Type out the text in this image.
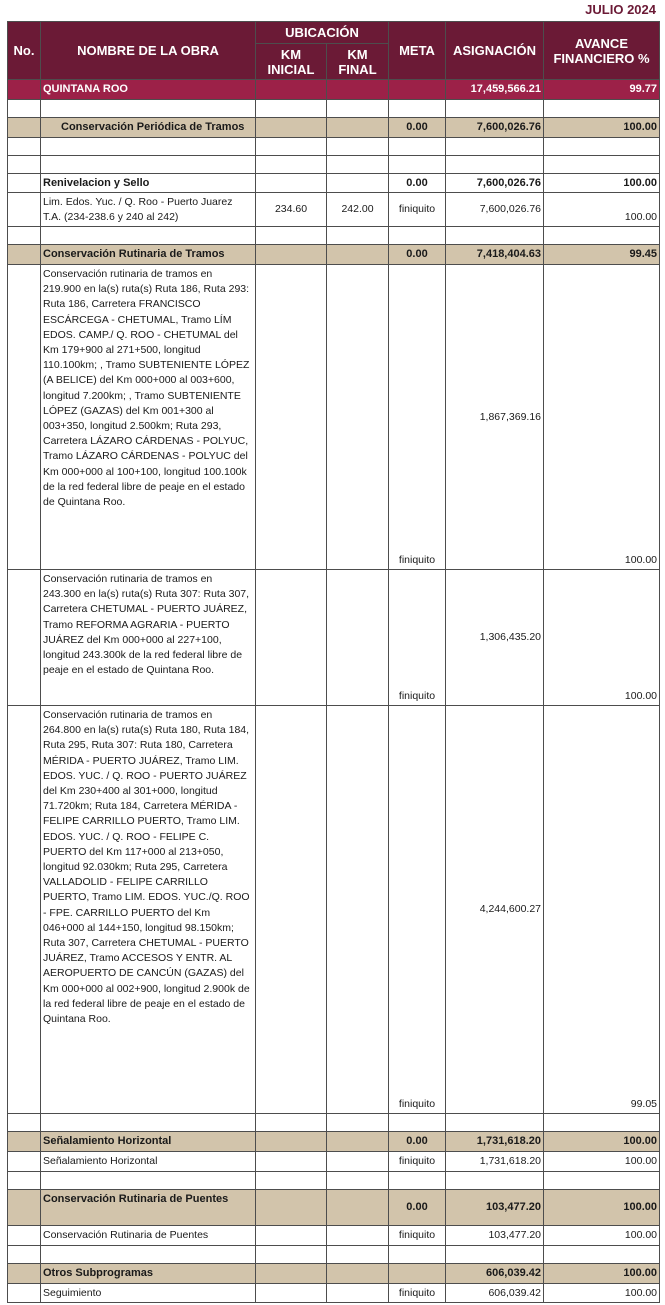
JULIO 2024
No.	NOMBRE DE LA OBRA	UBICACIÓN		META	ASIGNACIÓN	AVANCE FINANCIERO %
		KM INICIAL	KM FINAL			
	QUINTANA ROO				17,459,566.21	99.77

	Conservación Periódica de Tramos			0.00	7,600,026.76	100.00

	Renivelacion y Sello			0.00	7,600,026.76	100.00
	Lim. Edos. Yuc. / Q. Roo - Puerto Juarez T.A. (234-238.6 y 240 al 242)	234.60	242.00	finiquito	7,600,026.76	100.00

	Conservación Rutinaria de Tramos			0.00	7,418,404.63	99.45
	Conservación rutinaria de tramos en 219.900 en la(s) ruta(s) Ruta 186, Ruta 293: Ruta 186, Carretera FRANCISCO ESCÁRCEGA - CHETUMAL, Tramo LÍM EDOS. CAMP./ Q. ROO - CHETUMAL del Km 179+900 al 271+500, longitud 110.100km; , Tramo SUBTENIENTE LÓPEZ (A BELICE) del Km 000+000 al 003+600, longitud 7.200km; , Tramo SUBTENIENTE LÓPEZ (GAZAS) del Km 001+300 al 003+350, longitud 2.500km; Ruta 293, Carretera LÁZARO CÁRDENAS - POLYUC, Tramo LÁZARO CÁRDENAS - POLYUC del Km 000+000 al 100+100, longitud 100.100k de la red federal libre de peaje en el estado de Quintana Roo.			finiquito	1,867,369.16	100.00
	Conservación rutinaria de tramos en 243.300 en la(s) ruta(s) Ruta 307: Ruta 307, Carretera CHETUMAL - PUERTO JUÁREZ, Tramo REFORMA AGRARIA - PUERTO JUÁREZ del Km 000+000 al 227+100, longitud 243.300k de la red federal libre de peaje en el estado de Quintana Roo.			finiquito	1,306,435.20	100.00
	Conservación rutinaria de tramos en 264.800 en la(s) ruta(s) Ruta 180, Ruta 184, Ruta 295, Ruta 307: Ruta 180, Carretera MÉRIDA - PUERTO JUÁREZ, Tramo LIM. EDOS. YUC. / Q. ROO - PUERTO JUÁREZ del Km 230+400 al 301+000, longitud 71.720km; Ruta 184, Carretera MÉRIDA - FELIPE CARRILLO PUERTO, Tramo LIM. EDOS. YUC. / Q. ROO - FELIPE C. PUERTO del Km 117+000 al 213+050, longitud 92.030km; Ruta 295, Carretera VALLADOLID - FELIPE CARRILLO PUERTO, Tramo LIM. EDOS. YUC./Q. ROO - FPE. CARRILLO PUERTO del Km 046+000 al 144+150, longitud 98.150km; Ruta 307, Carretera CHETUMAL - PUERTO JUÁREZ, Tramo ACCESOS Y ENTR. AL AEROPUERTO DE CANCÚN (GAZAS) del Km 000+000 al 002+900, longitud 2.900k de la red federal libre de peaje en el estado de Quintana Roo.			finiquito	4,244,600.27	99.05

	Señalamiento Horizontal			0.00	1,731,618.20	100.00
	Señalamiento Horizontal			finiquito	1,731,618.20	100.00

	Conservación Rutinaria de Puentes			0.00	103,477.20	100.00
	Conservación Rutinaria de Puentes			finiquito	103,477.20	100.00

	Otros Subprogramas				606,039.42	100.00
	Seguimiento			finiquito	606,039.42	100.00
